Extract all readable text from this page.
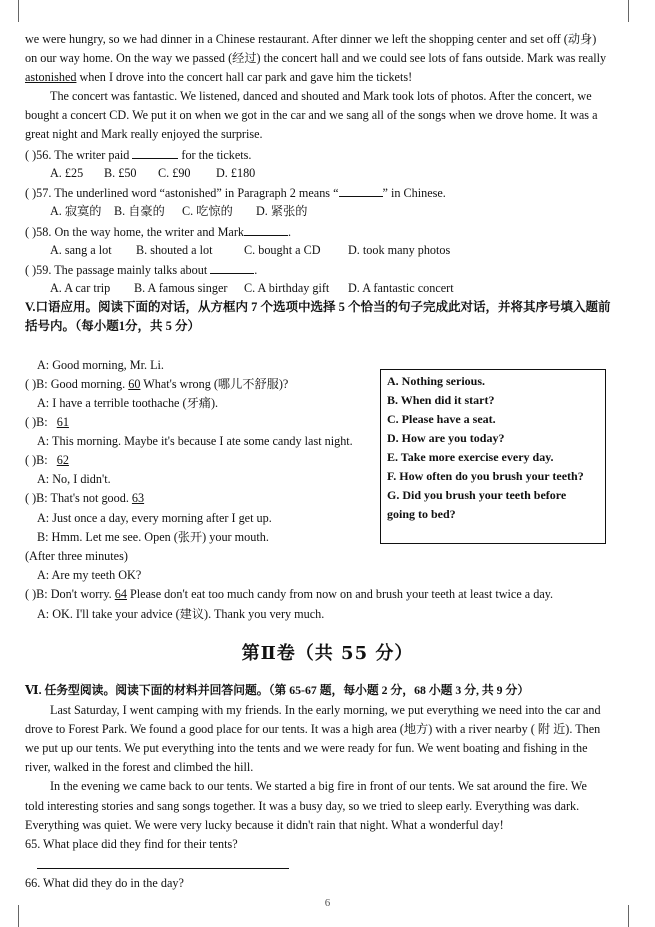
we were hungry, so we had dinner in a Chinese restaurant. After dinner we left the shopping center and set off (动身)
on our way home. On the way we passed (经过) the concert hall and we could see lots of fans outside. Mark was really
astonished when I drove into the concert hall car park and gave him the tickets!
The concert was fantastic. We listened, danced and shouted and Mark took lots of photos. After the concert, we
bought a concert CD. We put it on when we got in the car and we sang all of the songs when we drove home. It was a
great night and Mark really enjoyed the surprise.
( )56. The writer paid	for the tickets.
A. £25 B. £50 C. £90 D. £180
( )57. The underlined word “astonished” in Paragraph 2 means “	” in Chinese.
A. 寂寞的 B. 自豪的 C. 吃惊的 D. 紧张的
( )58. On the way home, the writer and Mark	.
A. sang a lot B. shouted a lot	C. bought a CD D. took many photos
( )59. The passage mainly talks about	.
A. A car trip B. A famous singer C. A birthday gift D. A fantastic concert
V.口语应用。阅读下面的对话，从方框内 7 个选项中选择 5 个恰当的句子完成此对话，并将其序号填入题前
括号内。（每小题1分，共 5 分）
A: Good morning, Mr. Li.
( )B: Good morning. 60 What's wrong (哪儿不舒服)?
A: I have a terrible toothache (牙痛).
( )B: 61
A: This morning. Maybe it's because I ate some candy last night.
( )B: 62
A: No, I didn't.
( )B: That's not good. 63
A: Just once a day, every morning after I get up.
B: Hmm. Let me see. Open (张开) your mouth.
(After three minutes)
A: Are my teeth OK?
( )B: Don't worry. 64 Please don't eat too much candy from now on and brush your teeth at least twice a day.
A: OK. I'll take your advice (建议). Thank you very much.
A. Nothing serious.
B. When did it start?
C. Please have a seat.
D. How are you today?
E. Take more exercise every day.
F. How often do you brush your teeth?
G. Did you brush your teeth before
going to bed?
第Ⅱ卷（共 55 分）
Ⅵ. 任务型阅读。阅读下面的材料并回答问题。（第 65-67 题，每小题 2 分，68 小题 3 分, 共 9 分）
Last Saturday, I went camping with my friends. In the early morning, we put everything we need into the car and
drove to Forest Park. We found a good place for our tents. It was a high area (地方) with a river nearby ( 附 近). Then
we put up our tents. We put everything into the tents and we were ready for fun. We went boating and fishing in the
river, walked in the forest and climbed the hill.
In the evening we came back to our tents. We started a big fire in front of our tents. We sat around the fire. We
told interesting stories and sang songs together. It was a busy day, so we tried to sleep early. Everything was dark.
Everything was quiet. We were very lucky because it didn't rain that night. What a wonderful day!
65. What place did they find for their tents?
66. What did they do in the day?
6
